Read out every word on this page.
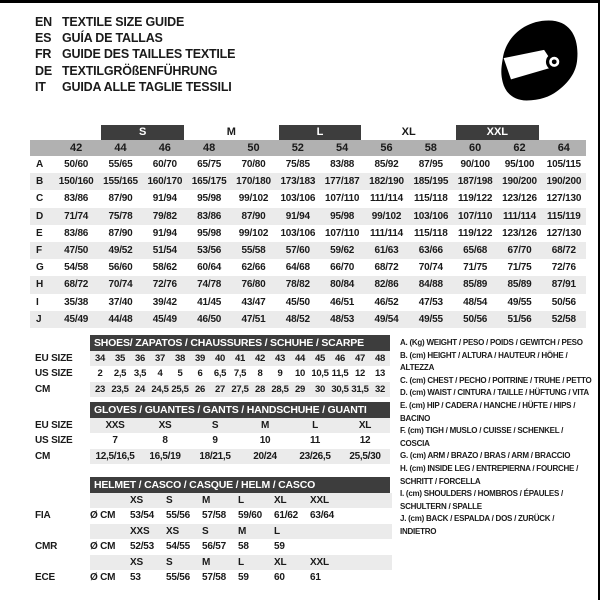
EN TEXTILE SIZE GUIDE
ES GUÍA DE TALLAS
FR GUIDE DES TAILLES TEXTILE
DE TEXTILGRÖßENFÜHRUNG
IT	GUIDA ALLE TAGLIE TESSILI
S	M	L	XL	XXL
42	44	46	48	50	52	54	56	58	60	62	64
A	50/60	55/65	60/70	65/75	70/80	75/85	83/88	85/92	87/95	90/100	95/100	105/115
B	150/160 155/165 160/170 165/175 170/180 173/183 177/187 182/190 185/195 187/198 190/200 190/200
C	83/86	87/90	91/94	95/98	99/102	103/106 107/110	111/114	115/118	119/122 123/126 127/130
D	71/74	75/78	79/82	83/86	87/90	91/94	95/98	99/102	103/106 107/110	111/114	115/119
E	83/86	87/90	91/94	95/98	99/102	103/106 107/110	111/114	115/118	119/122 123/126 127/130
F	47/50	49/52	51/54	53/56	55/58	57/60	59/62	61/63	63/66	65/68	67/70	68/72
G	54/58	56/60	58/62	60/64	62/66	64/68	66/70	68/72	70/74	71/75	71/75	72/76
H	68/72	70/74	72/76	74/78	76/80	78/82	80/84	82/86	84/88	85/89	85/89	87/91
I	35/38	37/40	39/42	41/45	43/47	45/50	46/51	46/52	47/53	48/54	49/55	50/56
J	45/49	44/48	45/49	46/50	47/51	48/52	48/53	49/54	49/55	50/56	51/56	52/58
SHOES/ ZAPATOS / CHAUSSURES / SCHUHE / SCARPE
EU SIZE	34	35	36	37	38	39	40	41	42	43	44	45	46	47	48
US SIZE	2	2,5 3,5	4	5	6	6,5 7,5	8	9	10 10,5 11,5 12	13
CM	23 23,5 24 24,5 25,5 26	27 27,5 28 28,5 29	30 30,5 31,5 32
GLOVES / GUANTES / GANTS / HANDSCHUHE / GUANTI
EU SIZE	XXS	XS	S	M	L	XL
US SIZE	7	8	9	10	11	12
CM	12,5/16,5	16,5/19	18/21,5	20/24	23/26,5	25,5/30
HELMET / CASCO / CASQUE / HELM / CASCO
XS	S	M	L	XL	XXL
FIA	Ø CM	53/54	55/56	57/58	59/60	61/62	63/64
XXS	XS	S	M	L
CMR	Ø CM	52/53	54/55	56/57	58	59
XS	S	M	L	XL	XXL
ECE	Ø CM	53	55/56	57/58	59	60	61
A. (Kg) WEIGHT / PESO / POIDS / GEWITCH / PESO
B. (cm) HEIGHT / ALTURA / HAUTEUR / HÖHE / ALTEZZA
C. (cm) CHEST / PECHO / POITRINE / TRUHE / PETTO
D. (cm) WAIST / CINTURA / TAILLE / HÜFTUNG / VITA
E. (cm) HIP / CADERA / HANCHE / HÜFTE / HIPS / BACINO
F. (cm) TIGH / MUSLO / CUISSE / SCHENKEL / COSCIA
G. (cm) ARM / BRAZO / BRAS / ARM / BRACCIO
H. (cm) INSIDE LEG / ENTREPIERNA / FOURCHE / SCHRITT / FORCELLA
I. (cm) SHOULDERS / HOMBROS / ÉPAULES / SCHULTERN / SPALLE
J. (cm) BACK / ESPALDA / DOS / ZURÜCK / INDIETRO
